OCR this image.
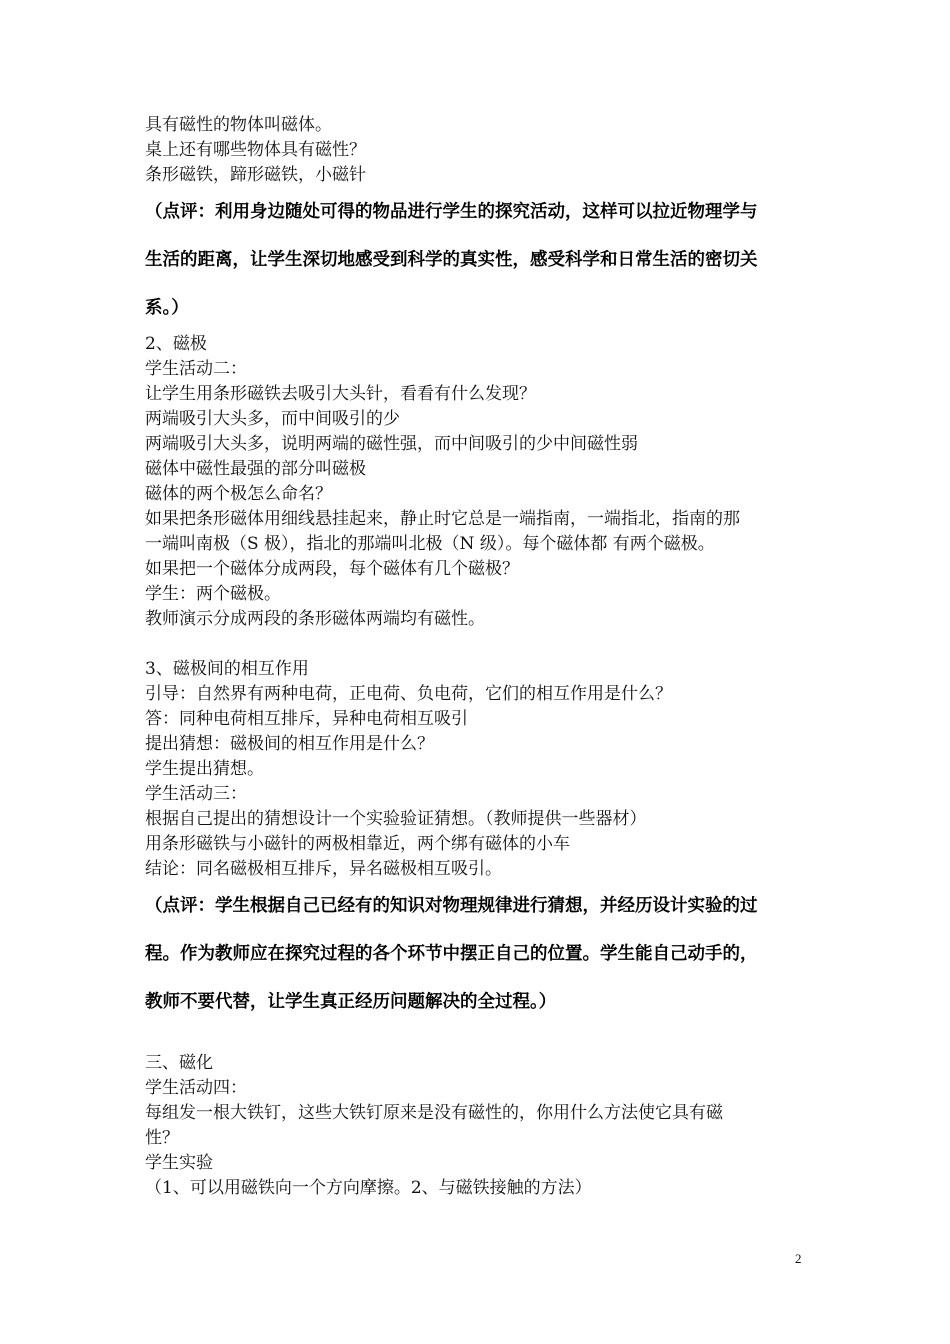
具有磁性的物体叫磁体。
桌上还有哪些物体具有磁性？
条形磁铁，蹄形磁铁，小磁针
（点评：利用身边随处可得的物品进行学生的探究活动，这样可以拉近物理学与
生活的距离，让学生深切地感受到科学的真实性，感受科学和日常生活的密切关
系。）
2、磁极
学生活动二：
让学生用条形磁铁去吸引大头针，看看有什么发现？
两端吸引大头多，而中间吸引的少
两端吸引大头多，说明两端的磁性强，而中间吸引的少中间磁性弱
磁体中磁性最强的部分叫磁极
磁体的两个极怎么命名？
如果把条形磁体用细线悬挂起来，静止时它总是一端指南，一端指北，指南的那
一端叫南极（S 极），指北的那端叫北极（N 级）。每个磁体都 有两个磁极。
如果把一个磁体分成两段，每个磁体有几个磁极？
学生：两个磁极。
教师演示分成两段的条形磁体两端均有磁性。
3、磁极间的相互作用
引导：自然界有两种电荷，正电荷、负电荷，它们的相互作用是什么？
答：同种电荷相互排斥，异种电荷相互吸引
提出猜想：磁极间的相互作用是什么？
学生提出猜想。
学生活动三：
根据自己提出的猜想设计一个实验验证猜想。（教师提供一些器材）
用条形磁铁与小磁针的两极相靠近，两个绑有磁体的小车
结论：同名磁极相互排斥，异名磁极相互吸引。
（点评：学生根据自己已经有的知识对物理规律进行猜想，并经历设计实验的过
程。作为教师应在探究过程的各个环节中摆正自己的位置。学生能自己动手的，
教师不要代替，让学生真正经历问题解决的全过程。）
三、磁化
学生活动四：
每组发一根大铁钉，这些大铁钉原来是没有磁性的，你用什么方法使它具有磁
性？
学生实验
（1、可以用磁铁向一个方向摩擦。2、与磁铁接触的方法）
2
